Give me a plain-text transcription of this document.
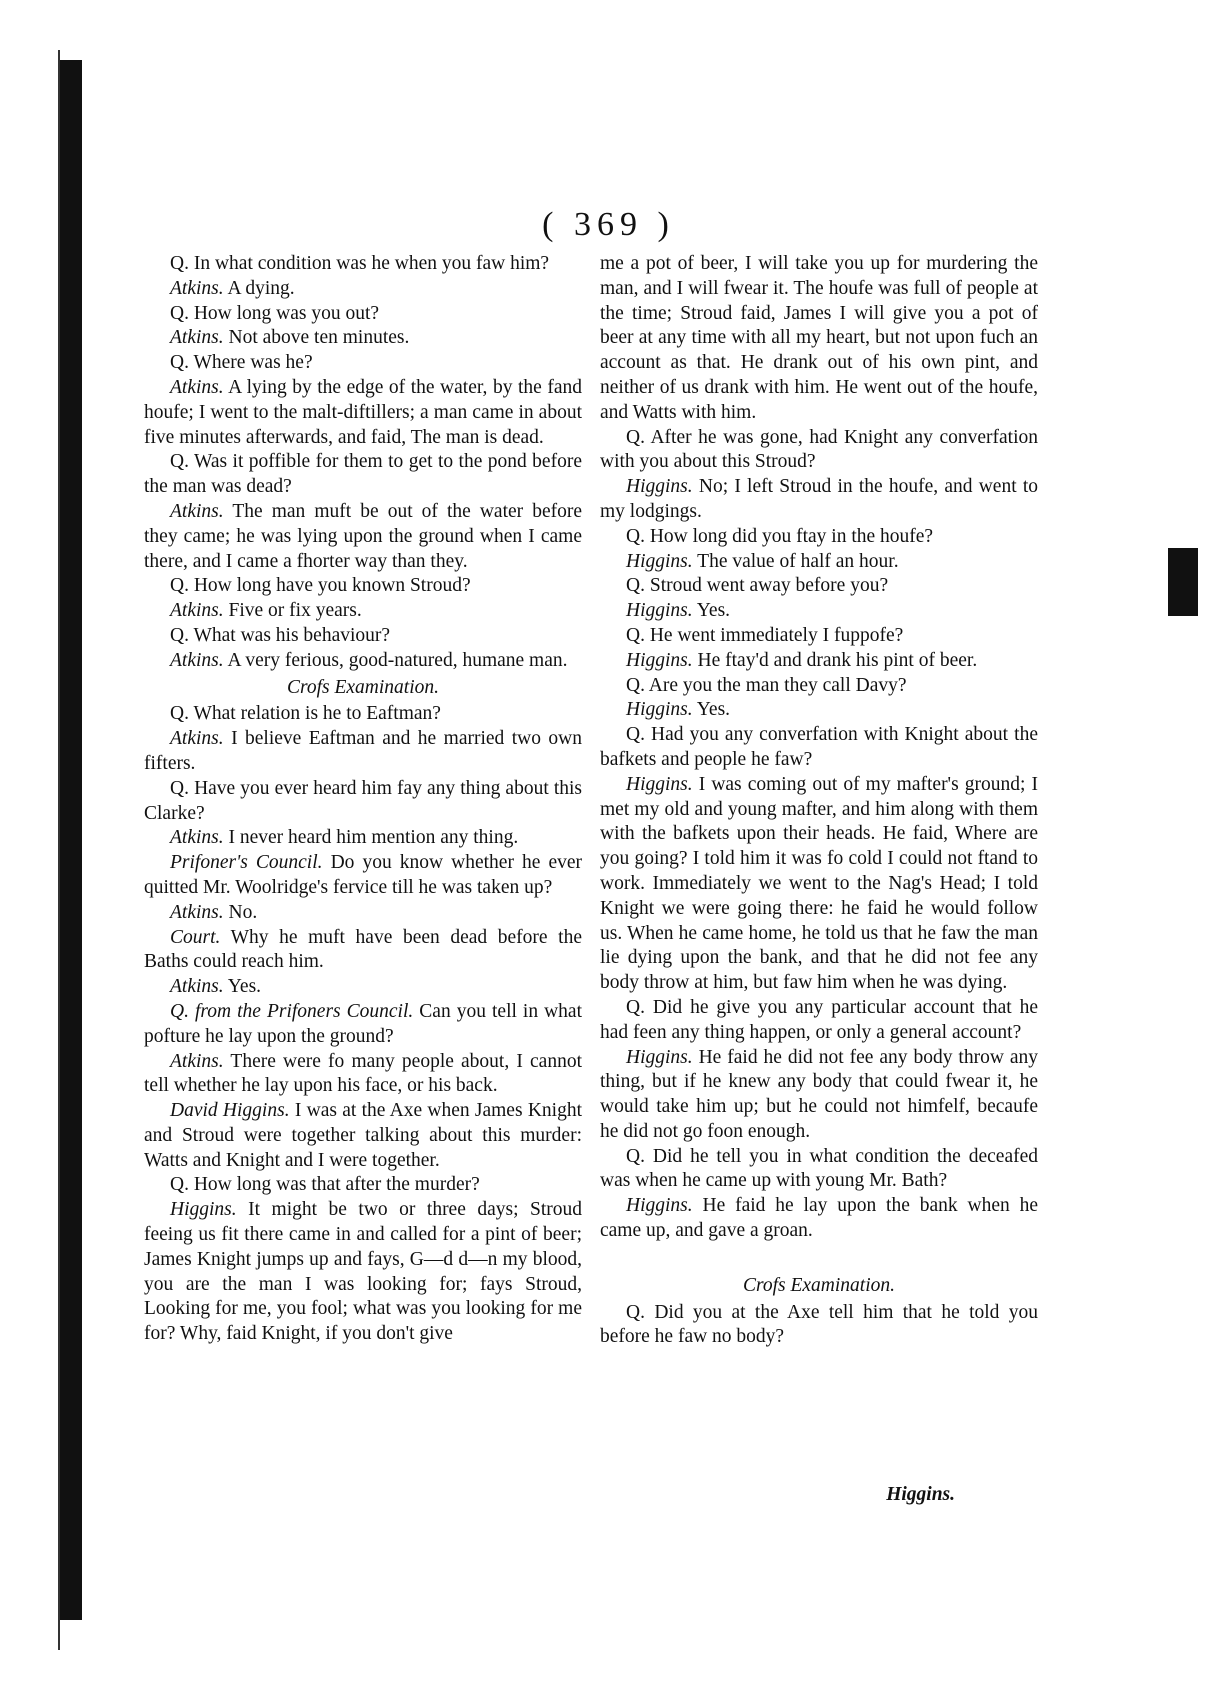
( 369 )

Q. In what condition was he when you faw him?

Atkins. A dying.

Q. How long was you out?

Atkins. Not above ten minutes.

Q. Where was he?

Atkins. A lying by the edge of the water, by the fand houfe; I went to the malt-diftillers; a man came in about five minutes afterwards, and faid, The man is dead.

Q. Was it poffible for them to get to the pond before the man was dead?

Atkins. The man muft be out of the water before they came; he was lying upon the ground when I came there, and I came a fhorter way than they.

Q. How long have you known Stroud?

Atkins. Five or fix years.

Q. What was his behaviour?

Atkins. A very ferious, good-natured, humane man.

Crofs Examination.

Q. What relation is he to Eaftman?

Atkins. I believe Eaftman and he married two own fifters.

Q. Have you ever heard him fay any thing about this Clarke?

Atkins. I never heard him mention any thing.

Prifoner's Council. Do you know whether he ever quitted Mr. Woolridge's fervice till he was taken up?

Atkins. No.

Court. Why he muft have been dead before the Baths could reach him.

Atkins. Yes.

Q. from the Prifoners Council. Can you tell in what pofture he lay upon the ground?

Atkins. There were fo many people about, I cannot tell whether he lay upon his face, or his back.

David Higgins. I was at the Axe when James Knight and Stroud were together talking about this murder: Watts and Knight and I were together.

Q. How long was that after the murder?

Higgins. It might be two or three days; Stroud feeing us fit there came in and called for a pint of beer; James Knight jumps up and fays, G—d d—n my blood, you are the man I was looking for; fays Stroud, Looking for me, you fool; what was you looking for me for? Why, faid Knight, if you don't give

me a pot of beer, I will take you up for murdering the man, and I will fwear it. The houfe was full of people at the time; Stroud faid, James I will give you a pot of beer at any time with all my heart, but not upon fuch an account as that. He drank out of his own pint, and neither of us drank with him. He went out of the houfe, and Watts with him.

Q. After he was gone, had Knight any converfation with you about this Stroud?

Higgins. No; I left Stroud in the houfe, and went to my lodgings.

Q. How long did you ftay in the houfe?

Higgins. The value of half an hour.

Q. Stroud went away before you?

Higgins. Yes.

Q. He went immediately I fuppofe?

Higgins. He ftay'd and drank his pint of beer.

Q. Are you the man they call Davy?

Higgins. Yes.

Q. Had you any converfation with Knight about the bafkets and people he faw?

Higgins. I was coming out of my mafter's ground; I met my old and young mafter, and him along with them with the bafkets upon their heads. He faid, Where are you going? I told him it was fo cold I could not ftand to work. Immediately we went to the Nag's Head; I told Knight we were going there: he faid he would follow us. When he came home, he told us that he faw the man lie dying upon the bank, and that he did not fee any body throw at him, but faw him when he was dying.

Q. Did he give you any particular account that he had feen any thing happen, or only a general account?

Higgins. He faid he did not fee any body throw any thing, but if he knew any body that could fwear it, he would take him up; but he could not himfelf, becaufe he did not go foon enough.

Q. Did he tell you in what condition the deceafed was when he came up with young Mr. Bath?

Higgins. He faid he lay upon the bank when he came up, and gave a groan.

Crofs Examination.

Q. Did you at the Axe tell him that he told you before he faw no body?

Higgins.
